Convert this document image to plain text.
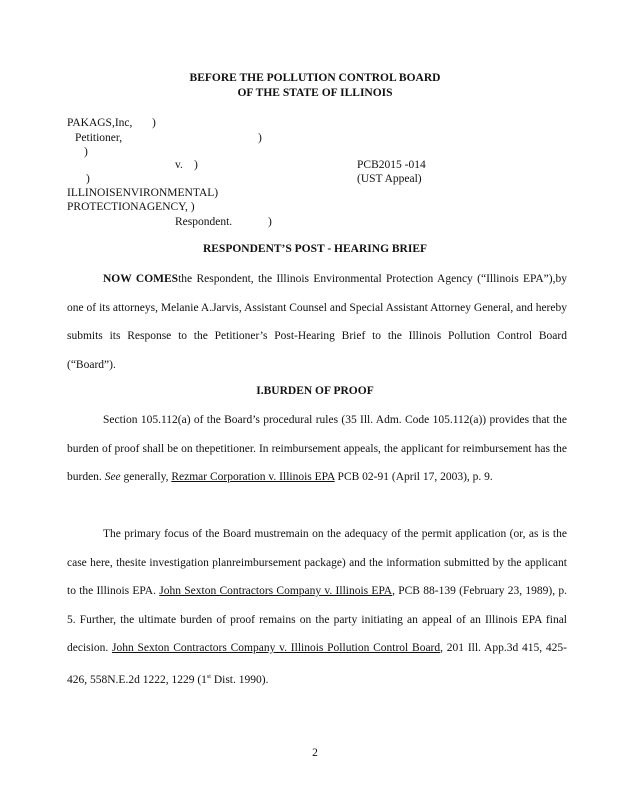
BEFORE THE POLLUTION CONTROL BOARD
OF THE STATE OF ILLINOIS
PAKAGS,Inc, )
Petitioner,	)
)
v. )	PCB2015 -014
)	(UST Appeal)
ILLINOISENVIRONMENTAL)
PROTECTIONAGENCY, )
Respondent.	)
RESPONDENT’S POST - HEARING BRIEF
NOW COMESthe Respondent, the Illinois Environmental Protection Agency (“Illinois EPA”),by one of its attorneys, Melanie A.Jarvis, Assistant Counsel and Special Assistant Attorney General, and hereby submits its Response to the Petitioner’s Post-Hearing Brief to the Illinois Pollution Control Board (“Board”).
I.BURDEN OF PROOF
Section 105.112(a) of the Board’s procedural rules (35 Ill. Adm. Code 105.112(a)) provides that the burden of proof shall be on thepetitioner. In reimbursement appeals, the applicant for reimbursement has the burden. See generally, Rezmar Corporation v. Illinois EPA PCB 02-91 (April 17, 2003), p. 9.
The primary focus of the Board mustremain on the adequacy of the permit application (or, as is the case here, thesite investigation planreimbursement package) and the information submitted by the applicant to the Illinois EPA. John Sexton Contractors Company v. Illinois EPA, PCB 88-139 (February 23, 1989), p. 5. Further, the ultimate burden of proof remains on the party initiating an appeal of an Illinois EPA final decision. John Sexton Contractors Company v. Illinois Pollution Control Board, 201 Ill. App.3d 415, 425-426, 558N.E.2d 1222, 1229 (1st Dist. 1990).
2
